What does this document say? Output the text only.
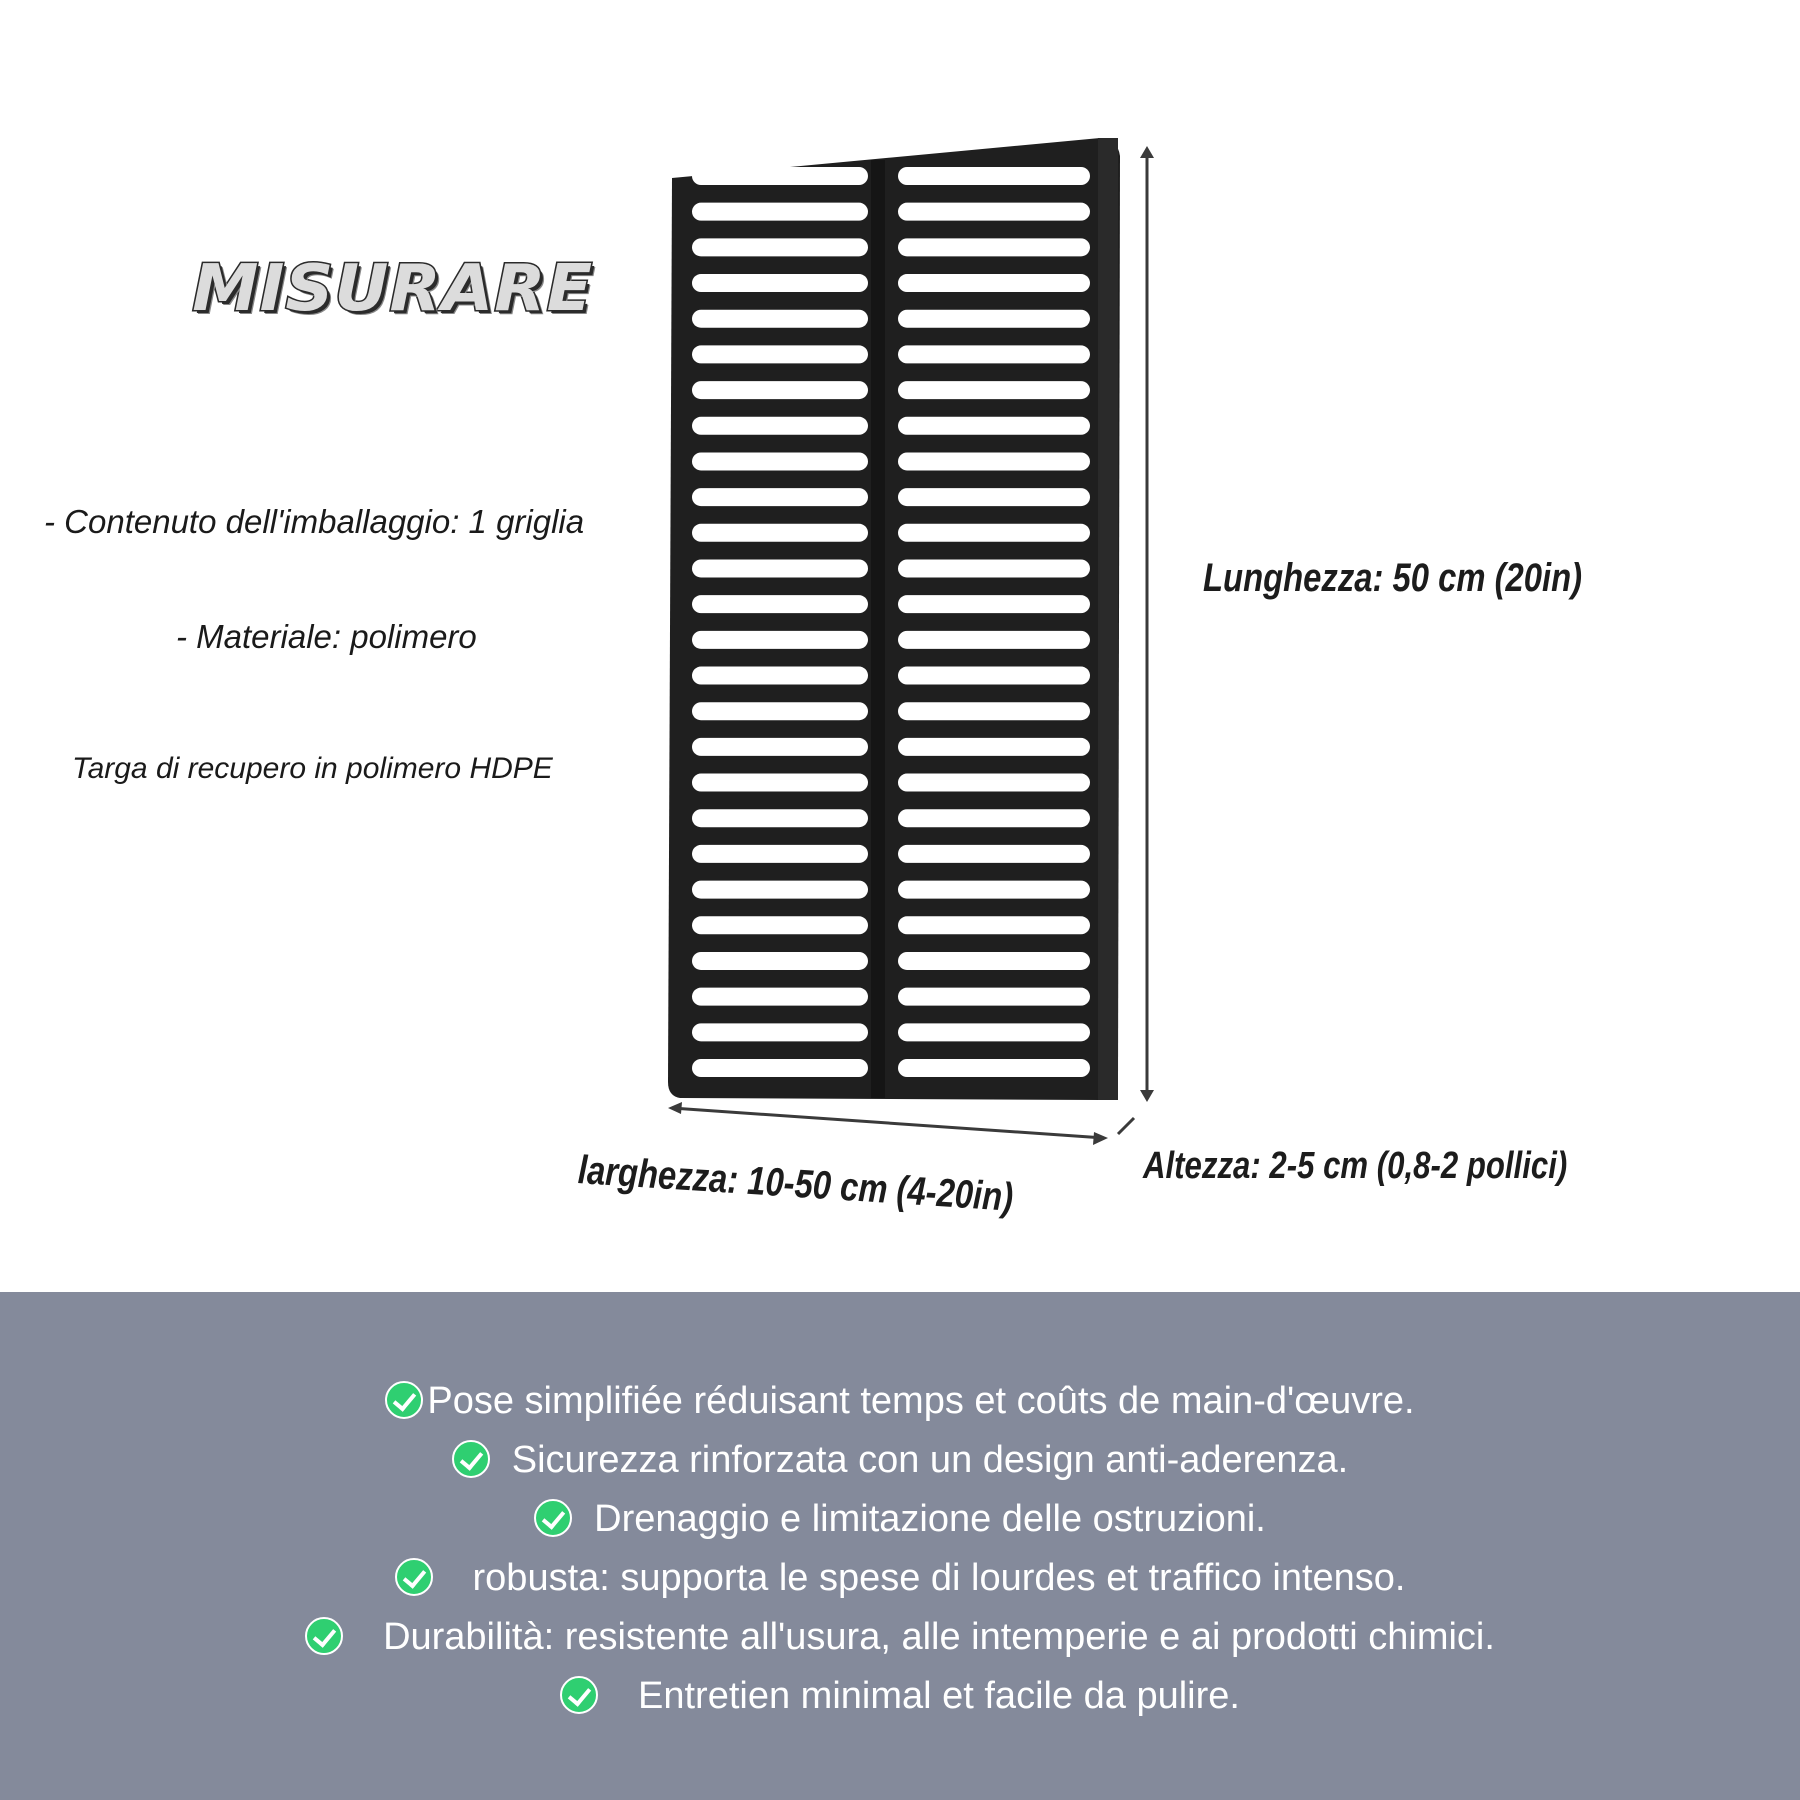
MISURARE
- Contenuto dell'imballaggio: 1 griglia
- Materiale: polimero
Targa di recupero in polimero HDPE
Lunghezza: 50 cm (20in)
larghezza: 10-50 cm (4-20in)	Altezza: 2-5 cm (0,8-2 pollici)
Pose simplifiée réduisant temps et coûts de main-d'œuvre.
Sicurezza rinforzata con un design anti-aderenza.
Drenaggio e limitazione delle ostruzioni.
robusta: supporta le spese di lourdes et traffico intenso.
Durabilità: resistente all'usura, alle intemperie e ai prodotti chimici.
Entretien minimal et facile da pulire.
